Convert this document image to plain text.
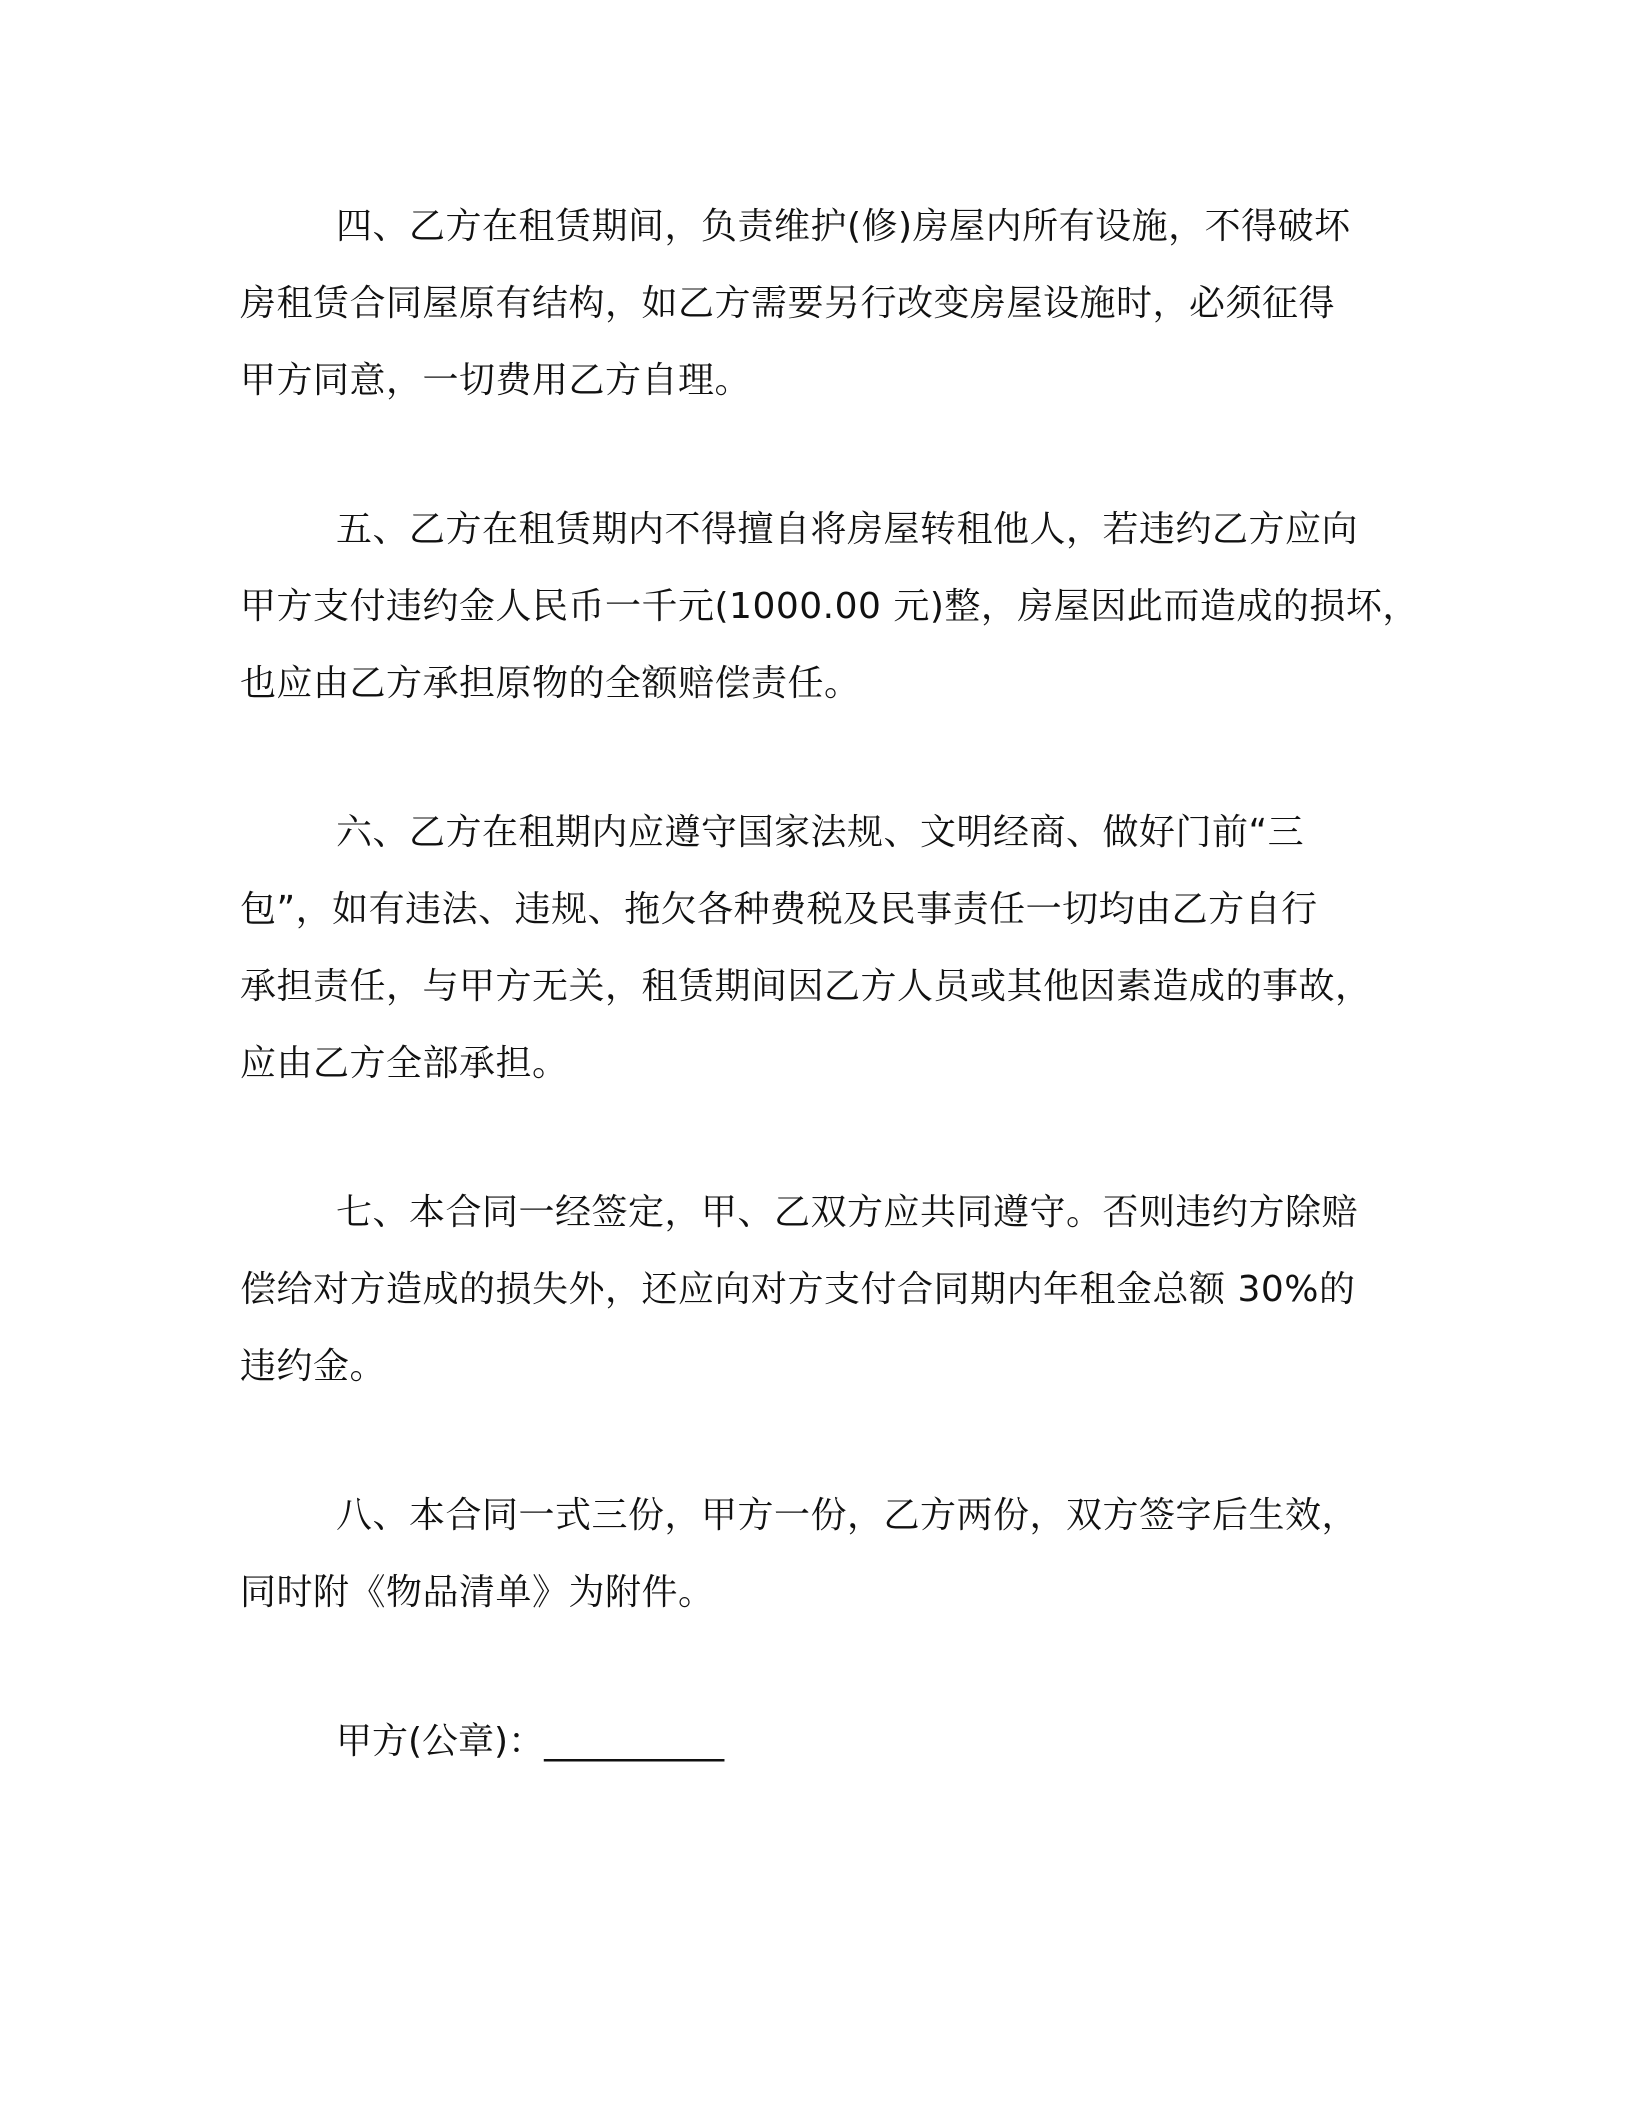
四、乙方在租赁期间，负责维护(修)房屋内所有设施，不得破坏
房租赁合同屋原有结构，如乙方需要另行改变房屋设施时，必须征得
甲方同意，一切费用乙方自理。
五、乙方在租赁期内不得擅自将房屋转租他人，若违约乙方应向
甲方支付违约金人民币一千元(1000.00 元)整，房屋因此而造成的损坏，
也应由乙方承担原物的全额赔偿责任。
六、乙方在租期内应遵守国家法规、文明经商、做好门前“三
包”，如有违法、违规、拖欠各种费税及民事责任一切均由乙方自行
承担责任，与甲方无关，租赁期间因乙方人员或其他因素造成的事故，
应由乙方全部承担。
七、本合同一经签定，甲、乙双方应共同遵守。否则违约方除赔
偿给对方造成的损失外，还应向对方支付合同期内年租金总额 30%的
违约金。
八、本合同一式三份，甲方一份，乙方两份，双方签字后生效，
同时附《物品清单》为附件。
甲方(公章)：__________
